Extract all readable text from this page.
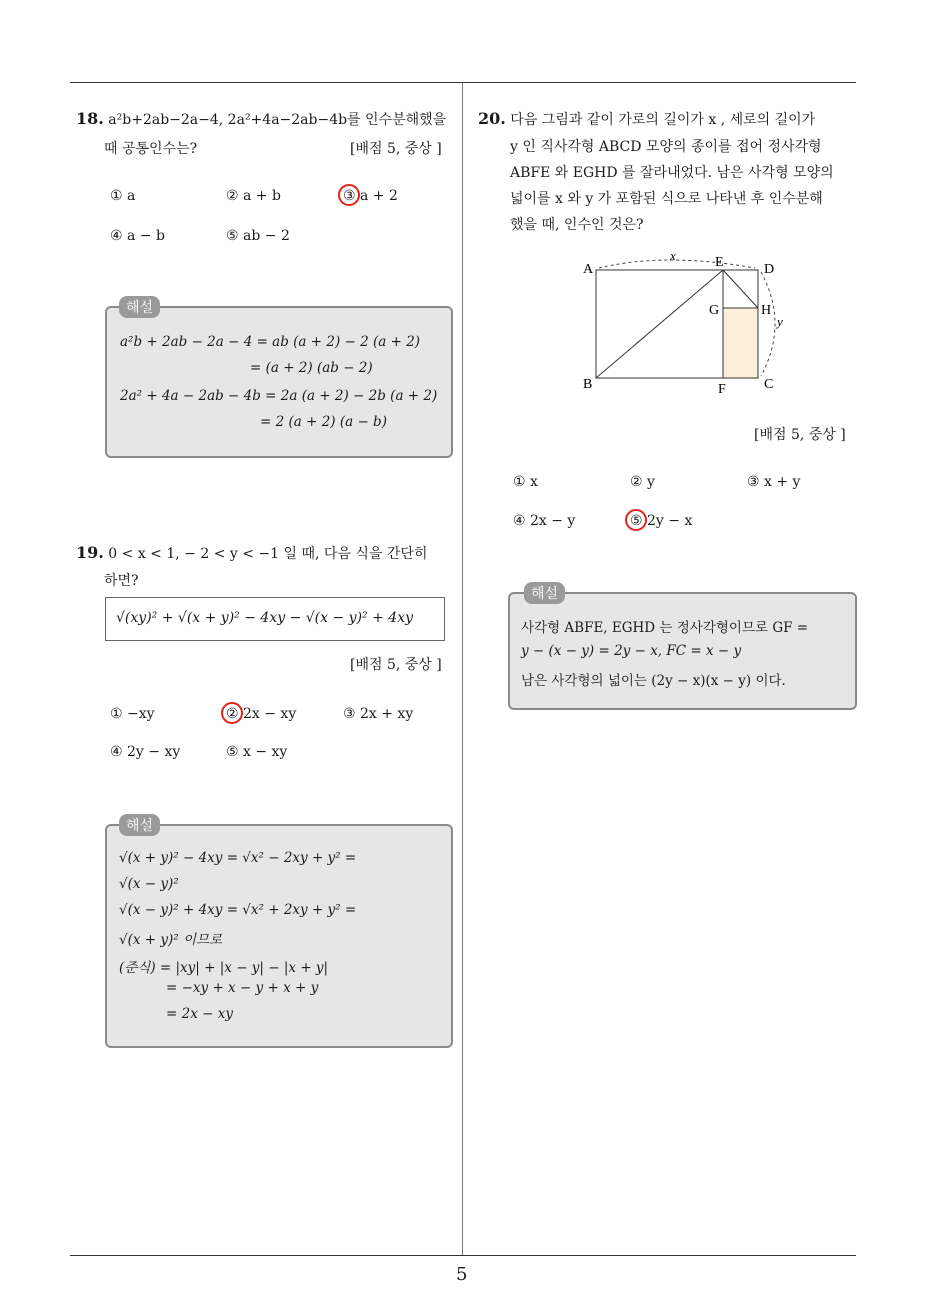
5
18. a²b+2ab−2a−4, 2a²+4a−2ab−4b를 인수분해했을
때 공통인수는?	[배점 5, 중상 ]
① a	② a + b	③ a + 2
④ a − b	⑤ ab − 2
해설
a²b + 2ab − 2a − 4 = ab (a + 2) − 2 (a + 2)
= (a + 2) (ab − 2)
2a² + 4a − 2ab − 4b = 2a (a + 2) − 2b (a + 2)
= 2 (a + 2) (a − b)
19. 0 < x < 1, − 2 < y < −1 일 때, 다음 식을 간단히
하면?
√(xy)² + √(x + y)² − 4xy − √(x − y)² + 4xy
[배점 5, 중상 ]
① −xy	② 2x − xy	③ 2x + xy
④ 2y − xy	⑤ x − xy
해설
√(x + y)² − 4xy = √x² − 2xy + y² =
√(x − y)²
√(x − y)² + 4xy = √x² + 2xy + y² =
√(x + y)² 이므로
(준식) = |xy| + |x − y| − |x + y|
= −xy + x − y + x + y
= 2x − xy
20. 다음 그림과 같이 가로의 길이가 x , 세로의 길이가
y 인 직사각형 ABCD 모양의 종이를 접어 정사각형
ABFE 와 EGHD 를 잘라내었다. 남은 사각형 모양의
넓이를 x 와 y 가 포함된 식으로 나타낸 후 인수분해
했을 때, 인수인 것은?
A
B	C
D
E
F
G	H
x
y
[배점 5, 중상 ]
① x	② y	③ x + y
④ 2x − y	⑤ 2y − x
해설
사각형 ABFE, EGHD 는 정사각형이므로 GF =
y − (x − y) = 2y − x, FC = x − y
남은 사각형의 넓이는 (2y − x)(x − y) 이다.
